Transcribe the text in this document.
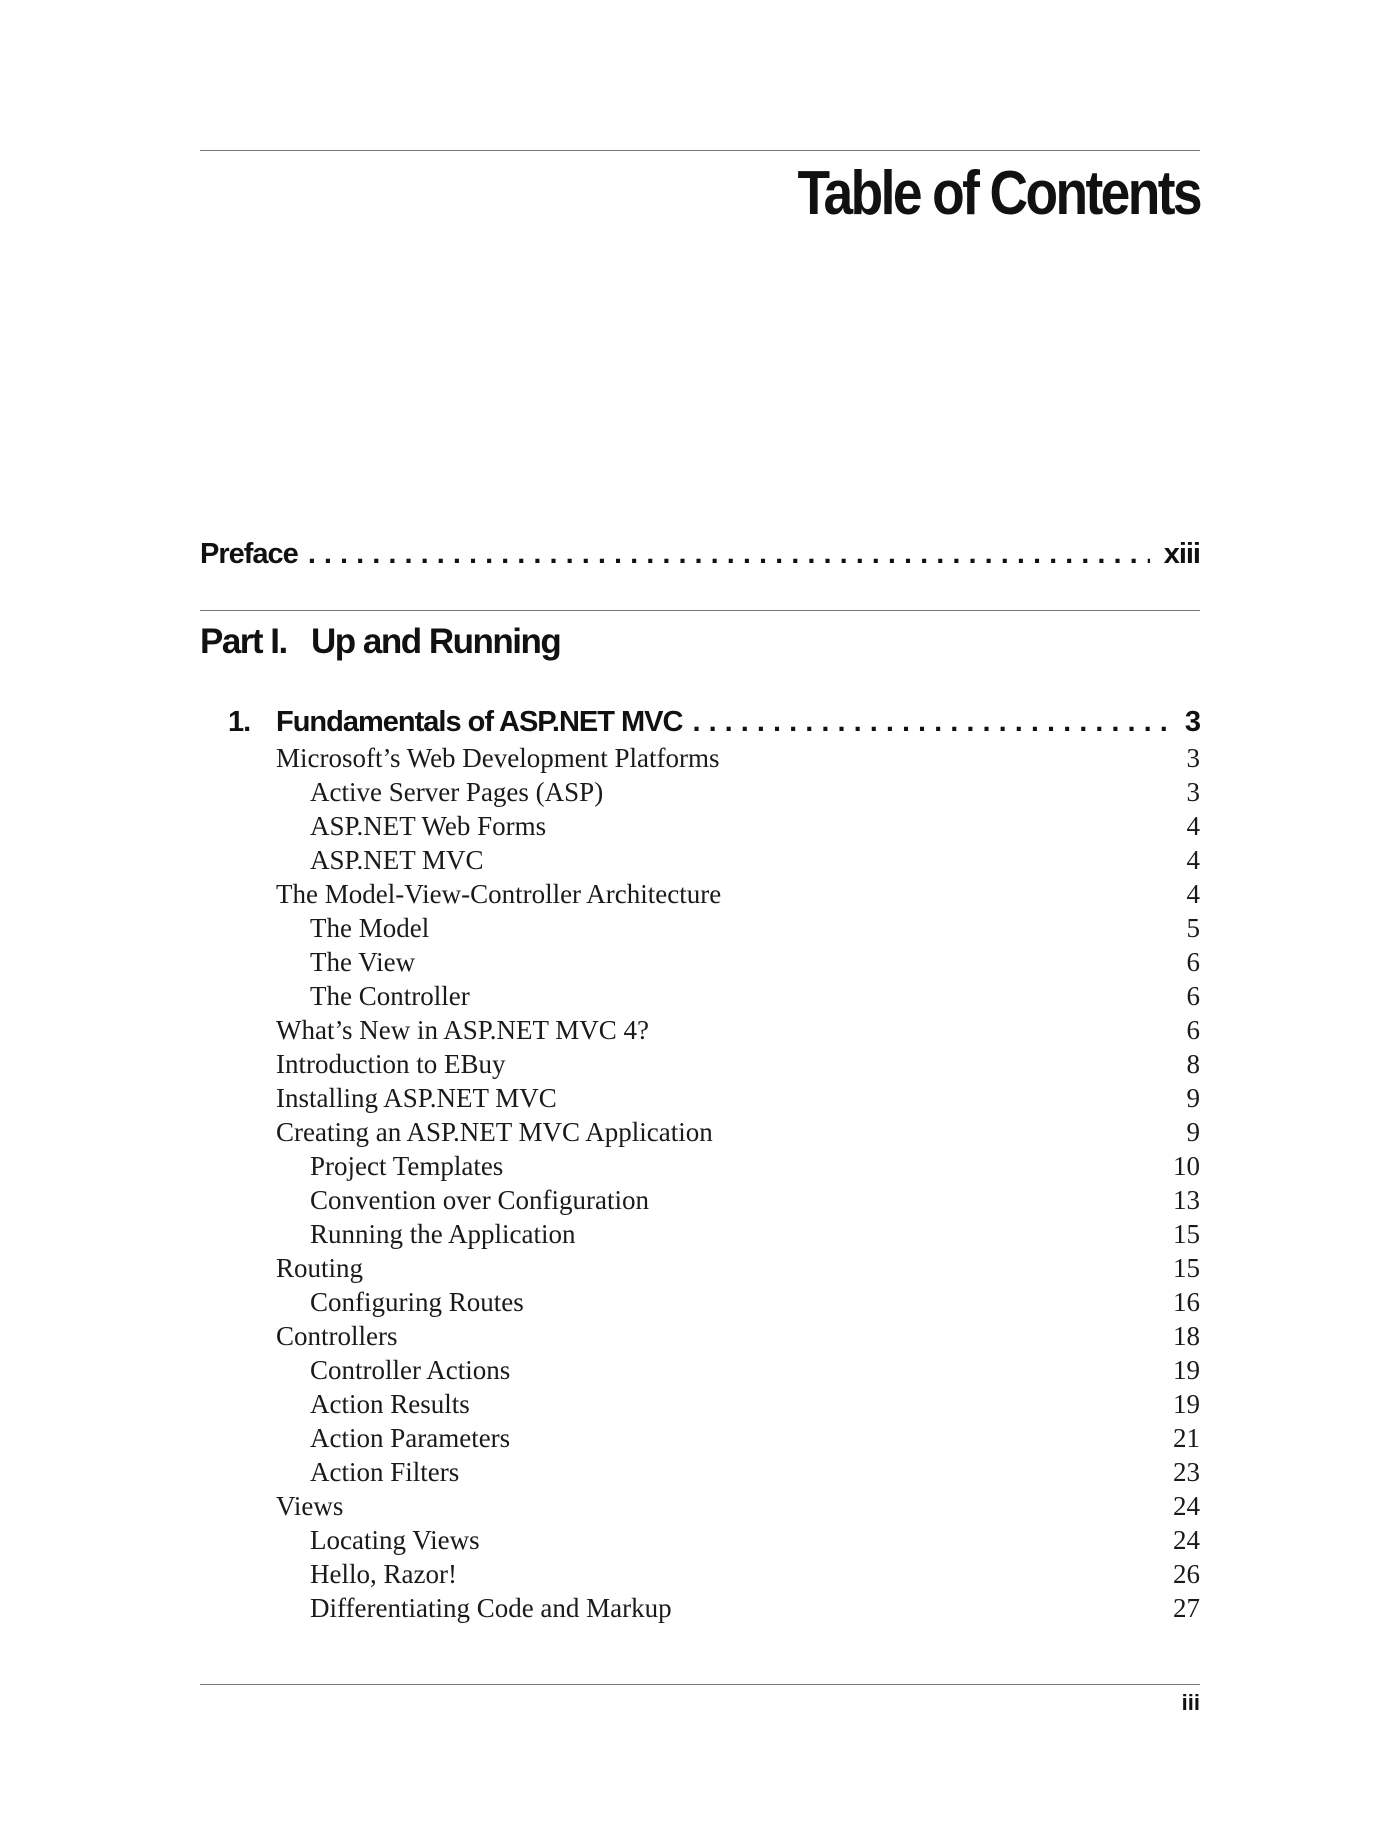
Table of Contents
Preface . . .	xiii
Part I. Up and Running
1. Fundamentals of ASP.NET MVC . . .	3
Microsoft’s Web Development Platforms	3
Active Server Pages (ASP)	3
ASP.NET Web Forms	4
ASP.NET MVC	4
The Model-View-Controller Architecture	4
The Model	5
The View	6
The Controller	6
What’s New in ASP.NET MVC 4?	6
Introduction to EBuy	8
Installing ASP.NET MVC	9
Creating an ASP.NET MVC Application	9
Project Templates	10
Convention over Configuration	13
Running the Application	15
Routing	15
Configuring Routes	16
Controllers	18
Controller Actions	19
Action Results	19
Action Parameters	21
Action Filters	23
Views	24
Locating Views	24
Hello, Razor!	26
Differentiating Code and Markup	27
iii
